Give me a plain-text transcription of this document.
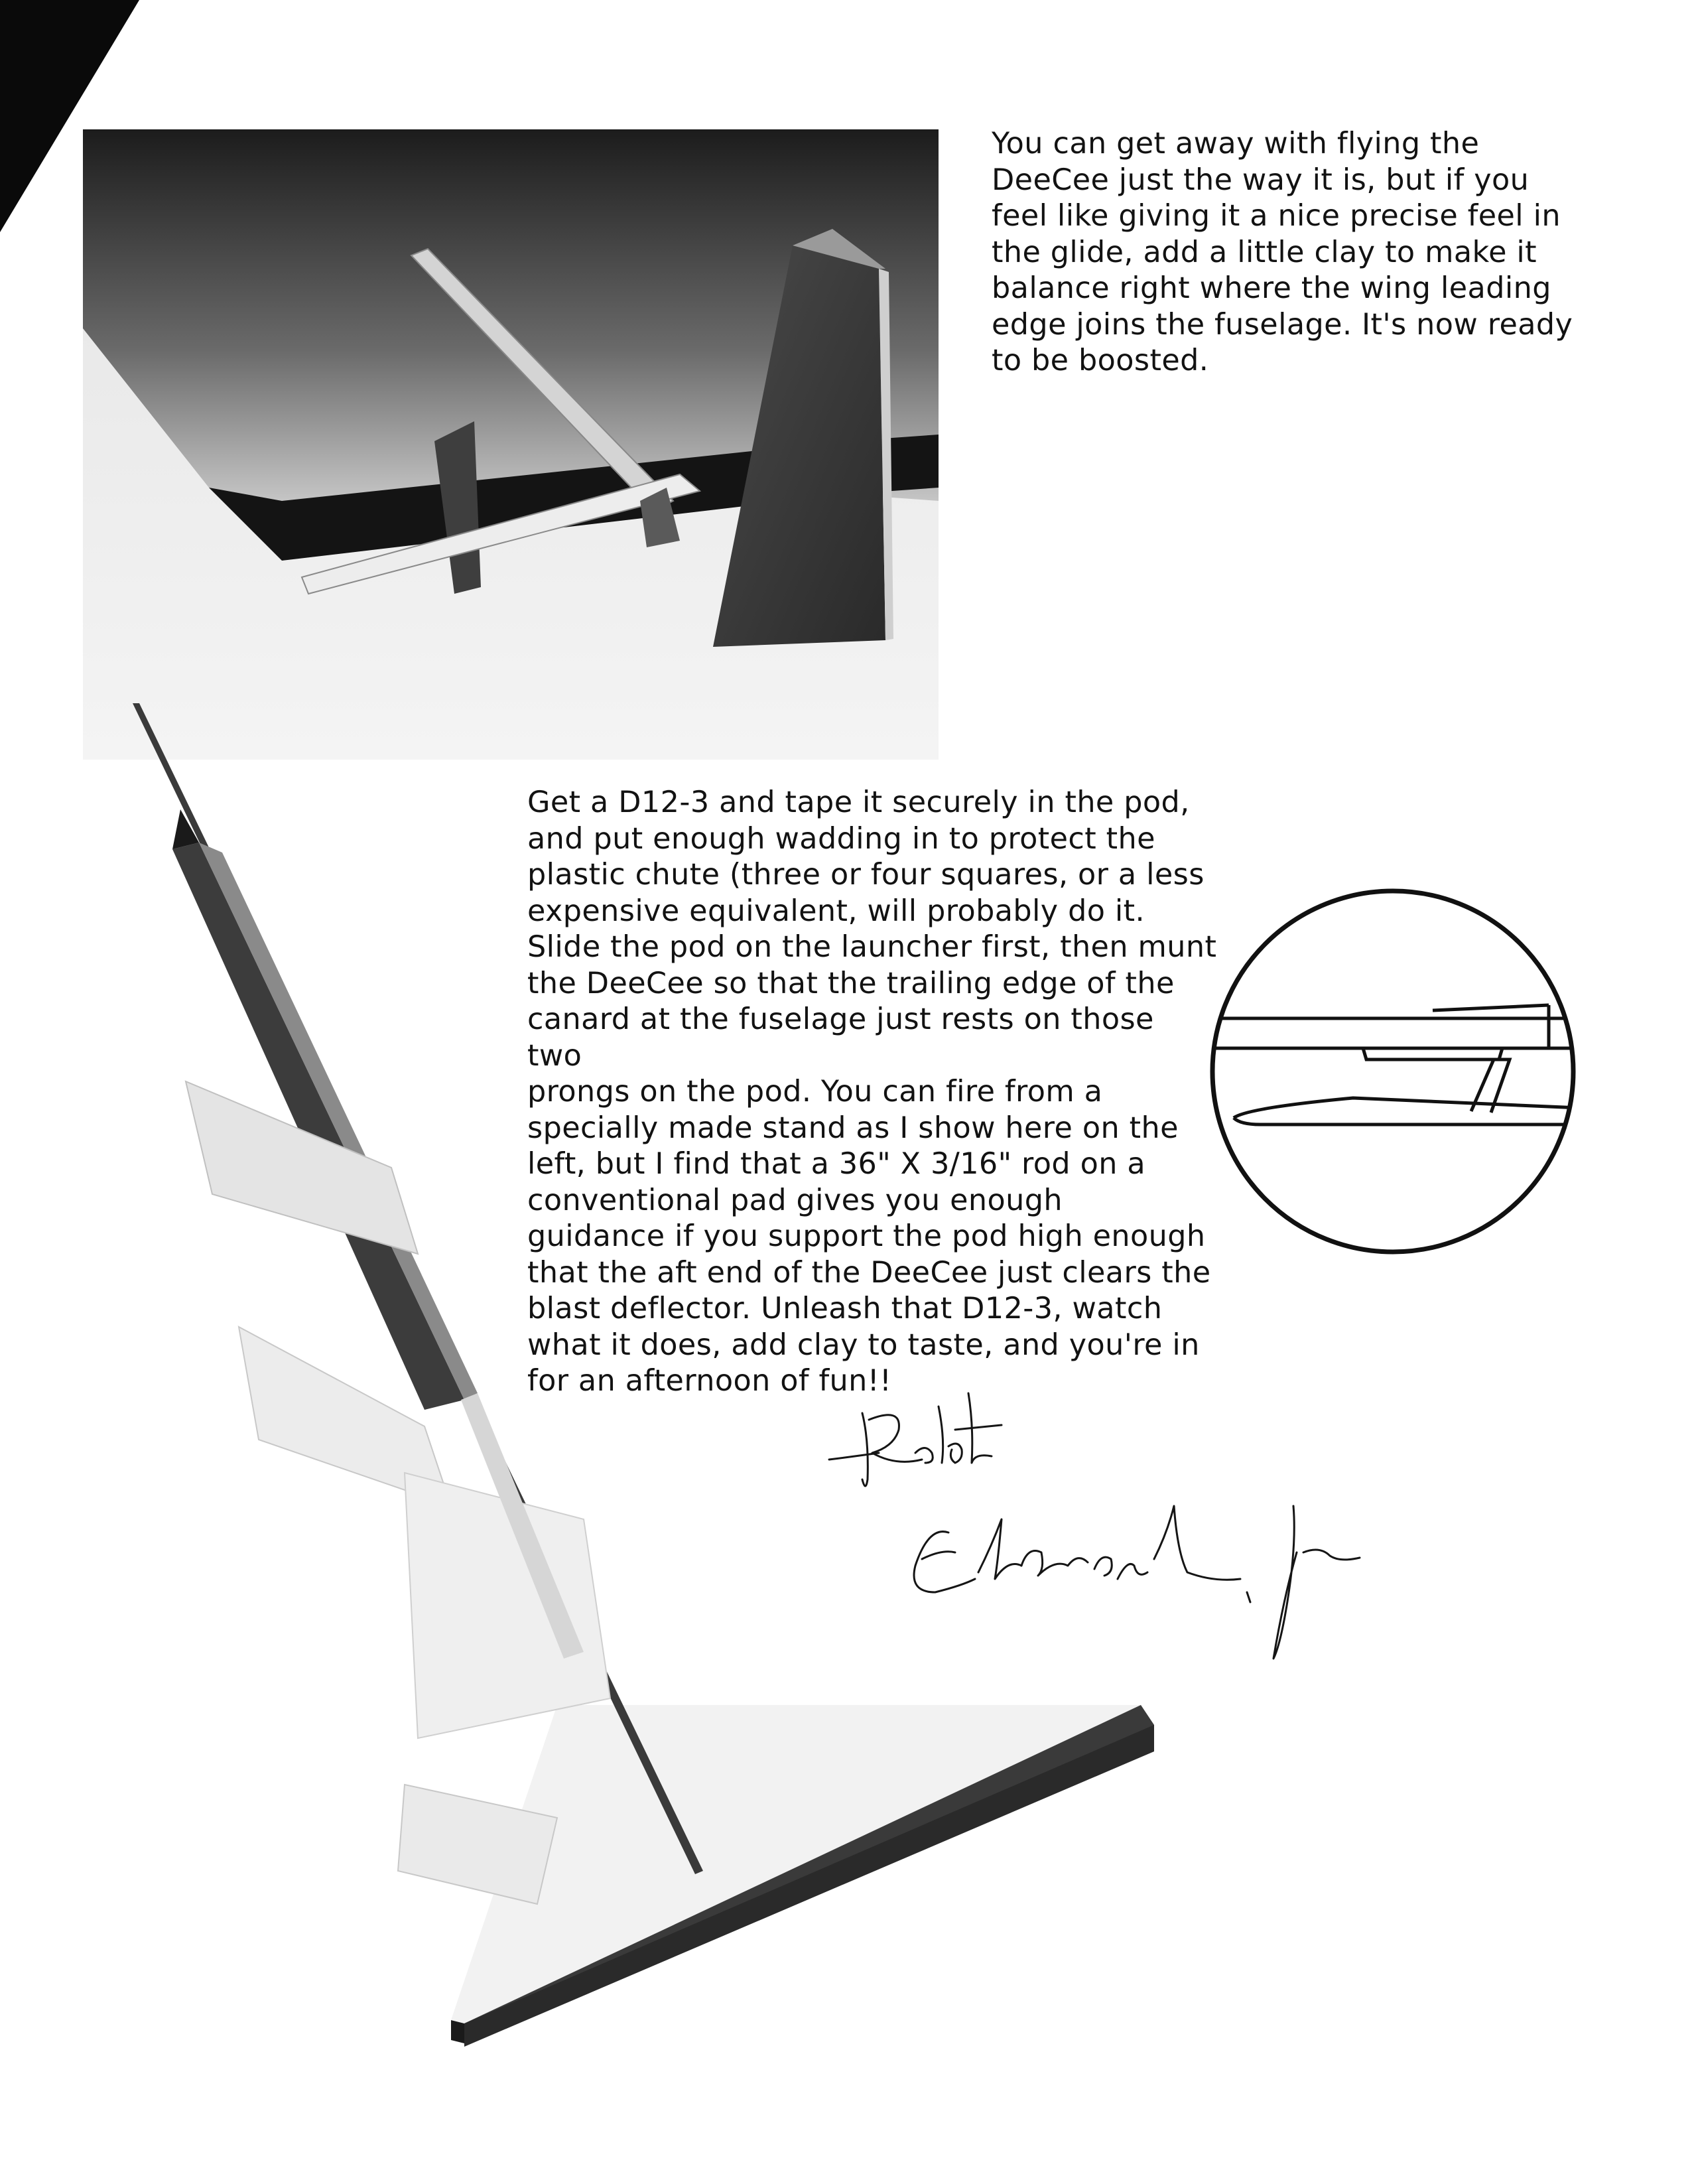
You can get away with flying the
DeeCee just the way it is, but if you
feel like giving it a nice precise feel in
the glide, add a little clay to make it
balance right where the wing leading
edge joins the fuselage. It's now ready
to be boosted.

Get a D12-3 and tape it securely in the pod,
and put enough wadding in to protect the
plastic chute (three or four squares, or a less
expensive equivalent, will probably do it.
Slide the pod on the launcher first, then munt
the DeeCee so that the trailing edge of the
canard at the fuselage just rests on those two
prongs on the pod. You can fire from a
specially made stand as I show here on the
left, but I find that a 36" X 3/16" rod on a
conventional pad gives you enough
guidance if you support the pod high enough
that the aft end of the DeeCee just clears the
blast deflector. Unleash that D12-3, watch
what it does, add clay to taste, and you're in
for an afternoon of fun!!
